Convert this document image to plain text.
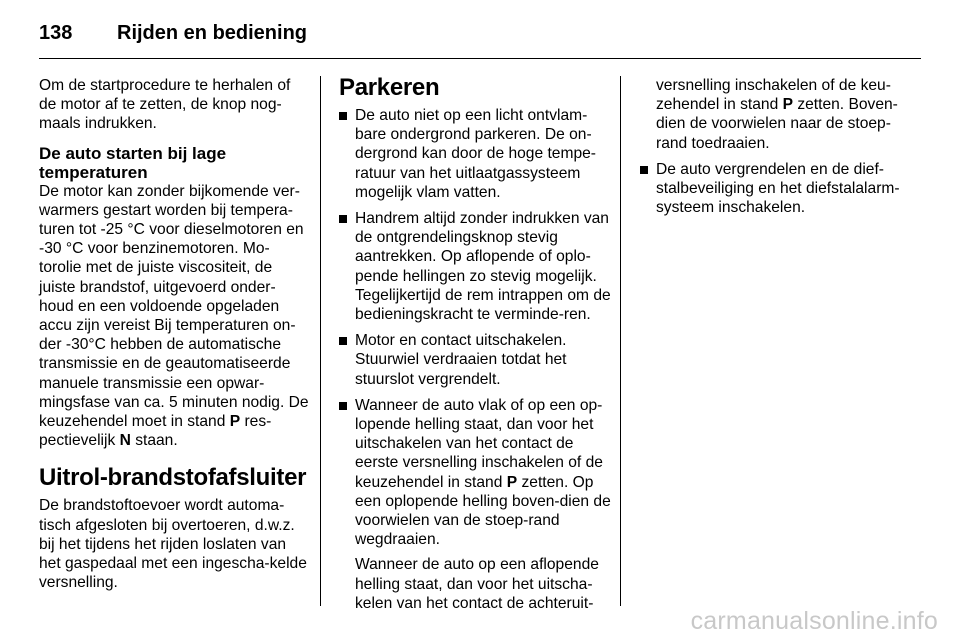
138	Rijden en bediening

Om de startprocedure te herhalen of de motor af te zetten, de knop nog-maals indrukken.

De auto starten bij lage temperaturen

De motor kan zonder bijkomende ver-warmers gestart worden bij tempera-turen tot -25 °C voor dieselmotoren en -30 °C voor benzinemotoren. Mo-torolie met de juiste viscositeit, de juiste brandstof, uitgevoerd onder-houd en een voldoende opgeladen accu zijn vereist Bij temperaturen on-der -30°C hebben de automatische transmissie en de geautomatiseerde manuele transmissie een opwar-mingsfase van ca. 5 minuten nodig. De keuzehendel moet in stand P res-pectievelijk N staan.

Uitrol-brandstofafsluiter

De brandstoftoevoer wordt automa-tisch afgesloten bij overtoeren, d.w.z. bij het tijdens het rijden loslaten van het gaspedaal met een ingescha-kelde versnelling.

Parkeren
De auto niet op een licht ontvlam-bare ondergrond parkeren. De on-dergrond kan door de hoge tempe-ratuur van het uitlaatgassysteem mogelijk vlam vatten.
Handrem altijd zonder indrukken van de ontgrendelingsknop stevig aantrekken. Op aflopende of oplo-pende hellingen zo stevig mogelijk. Tegelijkertijd de rem intrappen om de bedieningskracht te verminde-ren.
Motor en contact uitschakelen. Stuurwiel verdraaien totdat het stuurslot vergrendelt.

Wanneer de auto vlak of op een op-lopende helling staat, dan voor het uitschakelen van het contact de eerste versnelling inschakelen of de keuzehendel in stand P zetten. Op een oplopende helling boven-dien de voorwielen van de stoep-rand wegdraaien.

Wanneer de auto op een aflopende helling staat, dan voor het uitscha-kelen van het contact de achteruit-

versnelling inschakelen of de keu-zehendel in stand P zetten. Boven-dien de voorwielen naar de stoep-rand toedraaien.

De auto vergrendelen en de dief-stalbeveiliging en het diefstalalarm-systeem inschakelen.
carmanualsonline.info
